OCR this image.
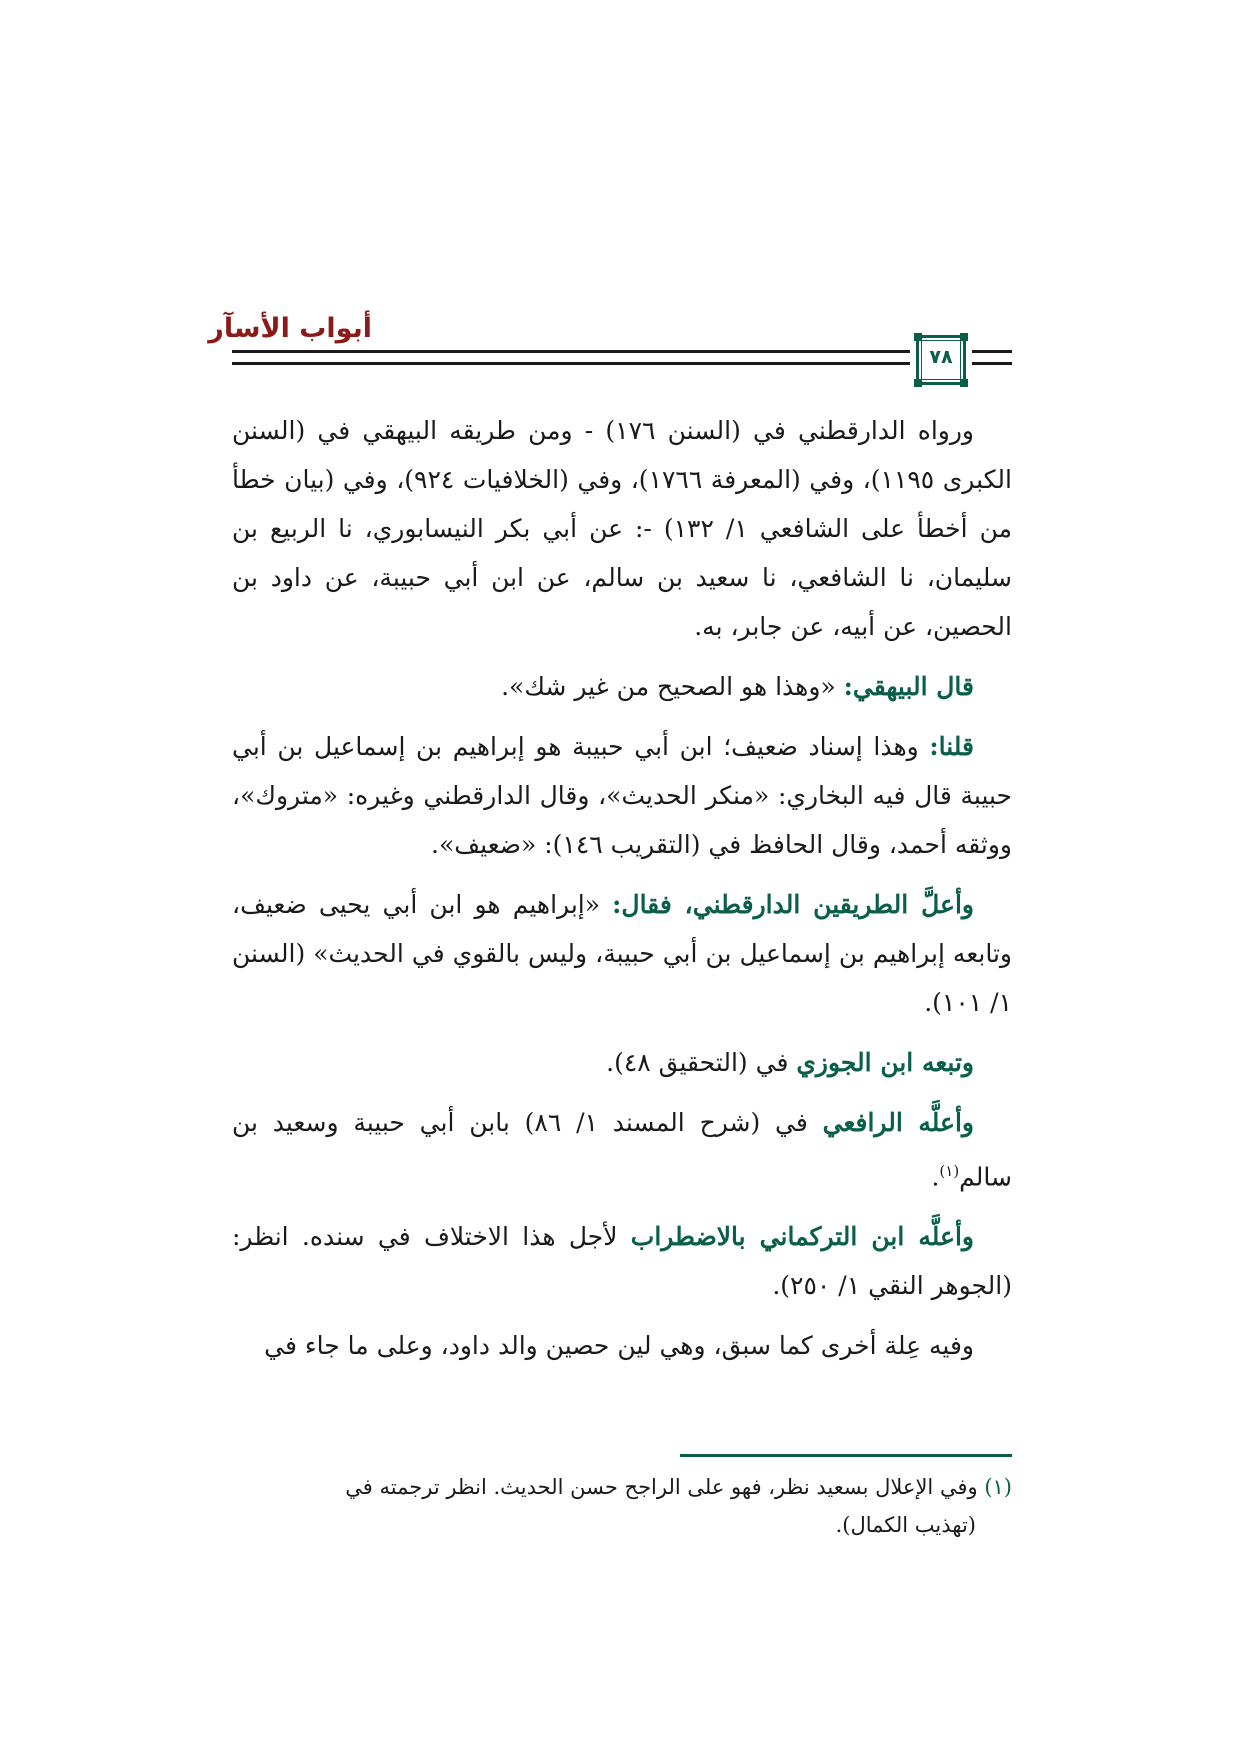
أبواب الأسآر
٧٨

ورواه الدارقطني في (السنن ١٧٦) - ومن طريقه البيهقي في (السنن الكبرى ١١٩٥)، وفي (المعرفة ١٧٦٦)، وفي (الخلافيات ٩٢٤)، وفي (بيان خطأ من أخطأ على الشافعي ١/ ١٣٢) -: عن أبي بكر النيسابوري، نا الربيع بن سليمان، نا الشافعي، نا سعيد بن سالم، عن ابن أبي حبيبة، عن داود بن الحصين، عن أبيه، عن جابر، به.

قال البيهقي: «وهذا هو الصحيح من غير شك».

قلنا: وهذا إسناد ضعيف؛ ابن أبي حبيبة هو إبراهيم بن إسماعيل بن أبي حبيبة قال فيه البخاري: «منكر الحديث»، وقال الدارقطني وغيره: «متروك»، ووثقه أحمد، وقال الحافظ في (التقريب ١٤٦): «ضعيف».

وأعلَّ الطريقين الدارقطني، فقال: «إبراهيم هو ابن أبي يحيى ضعيف، وتابعه إبراهيم بن إسماعيل بن أبي حبيبة، وليس بالقوي في الحديث» (السنن ١/ ١٠١).

وتبعه ابن الجوزي في (التحقيق ٤٨).

وأعلَّه الرافعي في (شرح المسند ١/ ٨٦) بابن أبي حبيبة وسعيد بن سالم$^{(١)}$.

وأعلَّه ابن التركماني بالاضطراب لأجل هذا الاختلاف في سنده. انظر: (الجوهر النقي ١/ ٢٥٠).

وفيه عِلة أخرى كما سبق، وهي لين حصين والد داود، وعلى ما جاء في

(١) وفي الإعلال بسعيد نظر، فهو على الراجح حسن الحديث. انظر ترجمته في

(تهذيب الكمال).
